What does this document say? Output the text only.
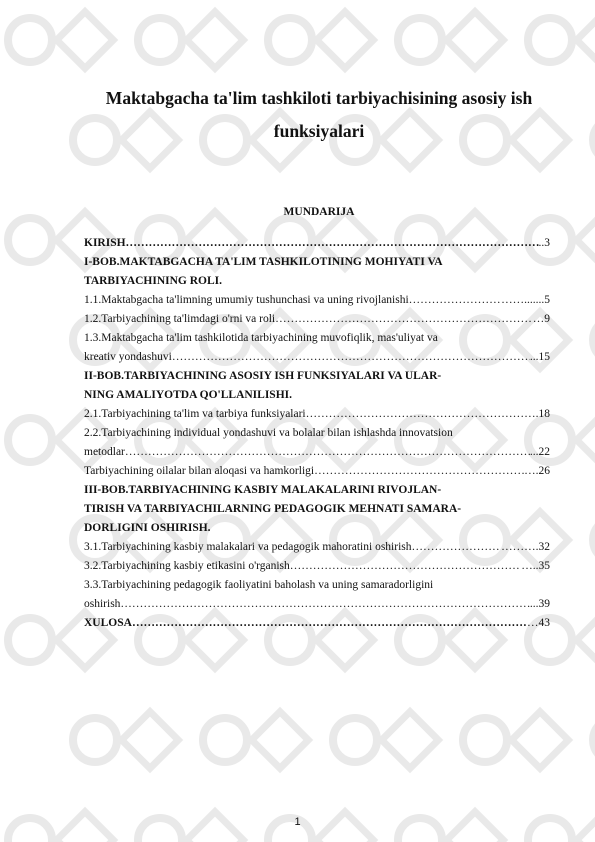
Maktabgacha ta'lim tashkiloti tarbiyachisining asosiy ish
funksiyalari
MUNDARIJA
KIRISH …………………………………………………………………………………………………………………………………………………………	..3
I-BOB.MAKTABGACHA TA'LIM TASHKILOTINING MOHIYATI VA
TARBIYACHINING ROLI.
1.1.Maktabgacha ta'limning umumiy tushunchasi va uning rivojlanishi …………………………………………………………………………………………………………………………………………………………	…….......5
1.2.Tarbiyachining ta'limdagi o'rni va roli …………………………………………………………………………………………………………………………………………………………	…9
1.3.Maktabgacha ta'lim tashkilotida tarbiyachining muvofiqlik, mas'uliyat va
kreativ yondashuvi …………………………………………………………………………………………………………………………………………………………	...15
II-BOB.TARBIYACHINING ASOSIY ISH FUNKSIYALARI VA ULAR-
NING AMALIYOTDA QO'LLANILISHI.
2.1.Tarbiyachining ta'lim va tarbiya funksiyalari …………………………………………………………………………………………………………………………………………………………	….18
2.2.Tarbiyachining individual yondashuvi va bolalar bilan ishlashda innovatsion
metodlar …………………………………………………………………………………………………………………………………………………………	...22
Tarbiyachining oilalar bilan aloqasi va hamkorligi …………………………………………………………………………………………………………………………………………………………	….26
III-BOB.TARBIYACHINING KASBIY MALAKALARINI RIVOJLAN-
TIRISH VA TARBIYACHILARNING PEDAGOGIK MEHNATI SAMARA-
DORLIGINI OSHIRISH.
3.1.Tarbiyachining kasbiy malakalari va pedagogik mahoratini oshirish …………………………………………………………………………………………………………………………………………………………	……….32
3.2.Tarbiyachining kasbiy etikasini o'rganish …………………………………………………………………………………………………………………………………………………………	…..35
3.3.Tarbiyachining pedagogik faoliyatini baholash va uning samaradorligini
oshirish …………………………………………………………………………………………………………………………………………………………	...39
XULOSA …………………………………………………………………………………………………………………………………………………………	…43
1
